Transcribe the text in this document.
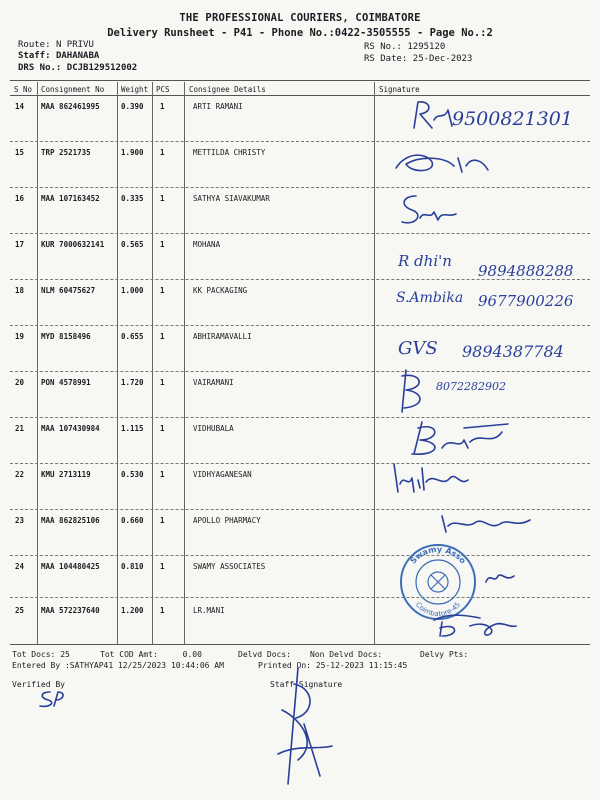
THE PROFESSIONAL COURIERS, COIMBATORE
Delivery Runsheet - P41 - Phone No.:0422-3505555 - Page No.:2
Route: N PRIVU
Staff: DAHANABA
DRS No.: DCJB129512002
RS No.: 1295120
RS Date: 25-Dec-2023
S No Consignment No Weight PCS	Consignee Details	Signature
14 MAA 862461995	0.390 1	ARTI RAMANI
15 TRP 2521735	1.900 1	METTILDA CHRISTY
16 MAA 107163452	0.335 1	SATHYA SIAVAKUMAR
17 KUR 7000632141 0.565 1	MOHANA
18 NLM 60475627	1.000 1	KK PACKAGING
19 MYD 8158496	0.655 1	ABHIRAMAVALLI
20 PON 4578991	1.720 1	VAIRAMANI
21 MAA 107430984	1.115 1	VIDHUBALA
22 KMU 2713119	0.530 1	VIDHYAGANESAN
23 MAA 862825106	0.660 1	APOLLO PHARMACY
24 MAA 104480425	0.810 1	SWAMY ASSOCIATES
25 MAA 572237640	1.200 1	LR.MANI
9500821301
R dhi'n
9894888288
S.Ambika 9677900226
GVS 9894387784
8072282902
Swamy Asso
Coimbatore-45
Tot Docs: 25	Tot COD Amt:	0.00	Delvd Docs: Non Delvd Docs:	Delvy Pts:
Entered By :SATHYAP41 12/25/2023 10:44:06 AM	Printed On: 25-12-2023 11:15:45
Verified By	Staff Signature
